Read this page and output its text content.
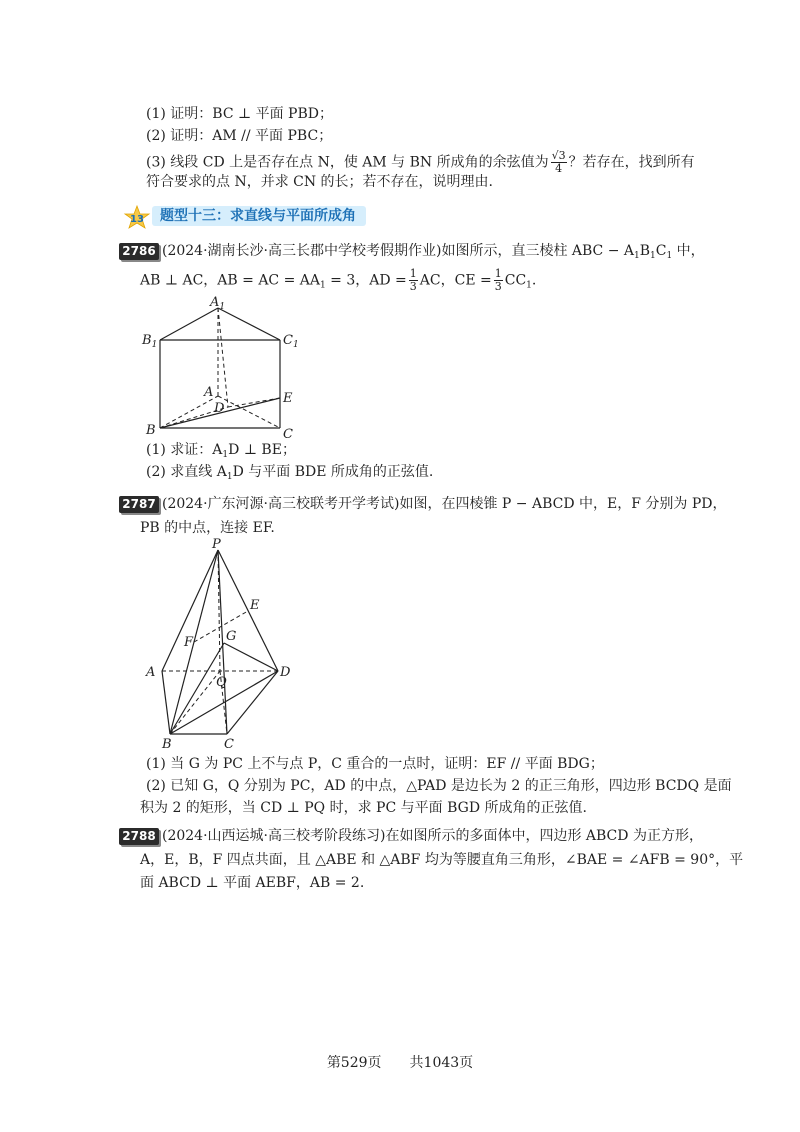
(1) 证明：BC ⊥ 平面 PBD；
(2) 证明：AM // 平面 PBC；
(3) 线段 CD 上是否存在点 N，使 AM 与 BN 所成角的余弦值为 $\frac{√3}{4}$ ？若存在，找到所有
符合要求的点 N，并求 CN 的长；若不存在，说明理由.
13	题型十三：求直线与平面所成角
2786 (2024·湖南长沙·高三长郡中学校考假期作业)如图所示，直三棱柱 ABC − $A_1B_1C_1$ 中，
AB ⊥ AC，AB = AC = $AA_1 = 3$，AD = $\frac{1}{3}$ AC，CE = $\frac{1}{3} CC_1$.
$A_1$
$B_1$	$C_1$
A
D
E
B	C
(1) 求证：$A_1D$ ⊥ BE；
(2) 求直线 $A_1D$ 与平面 BDE 所成角的正弦值.
2787 (2024·广东河源·高三校联考开学考试)如图，在四棱锥 P − ABCD 中，E，F 分别为 PD，
PB 的中点，连接 EF.
P
E
F	G
A	D
Q
B	C
(1) 当 G 为 PC 上不与点 P，C 重合的一点时，证明：EF // 平面 BDG；
(2) 已知 G，Q 分别为 PC，AD 的中点，△PAD 是边长为 2 的正三角形，四边形 BCDQ 是面
积为 2 的矩形，当 CD ⊥ PQ 时，求 PC 与平面 BGD 所成角的正弦值.
2788 (2024·山西运城·高三校考阶段练习)在如图所示的多面体中，四边形 ABCD 为正方形，
A，E，B，F 四点共面，且 △ABE 和 △ABF 均为等腰直角三角形，∠BAE = ∠AFB = 90°，平
面 ABCD ⊥ 平面 AEBF，AB = 2.
第529页　　共1043页
